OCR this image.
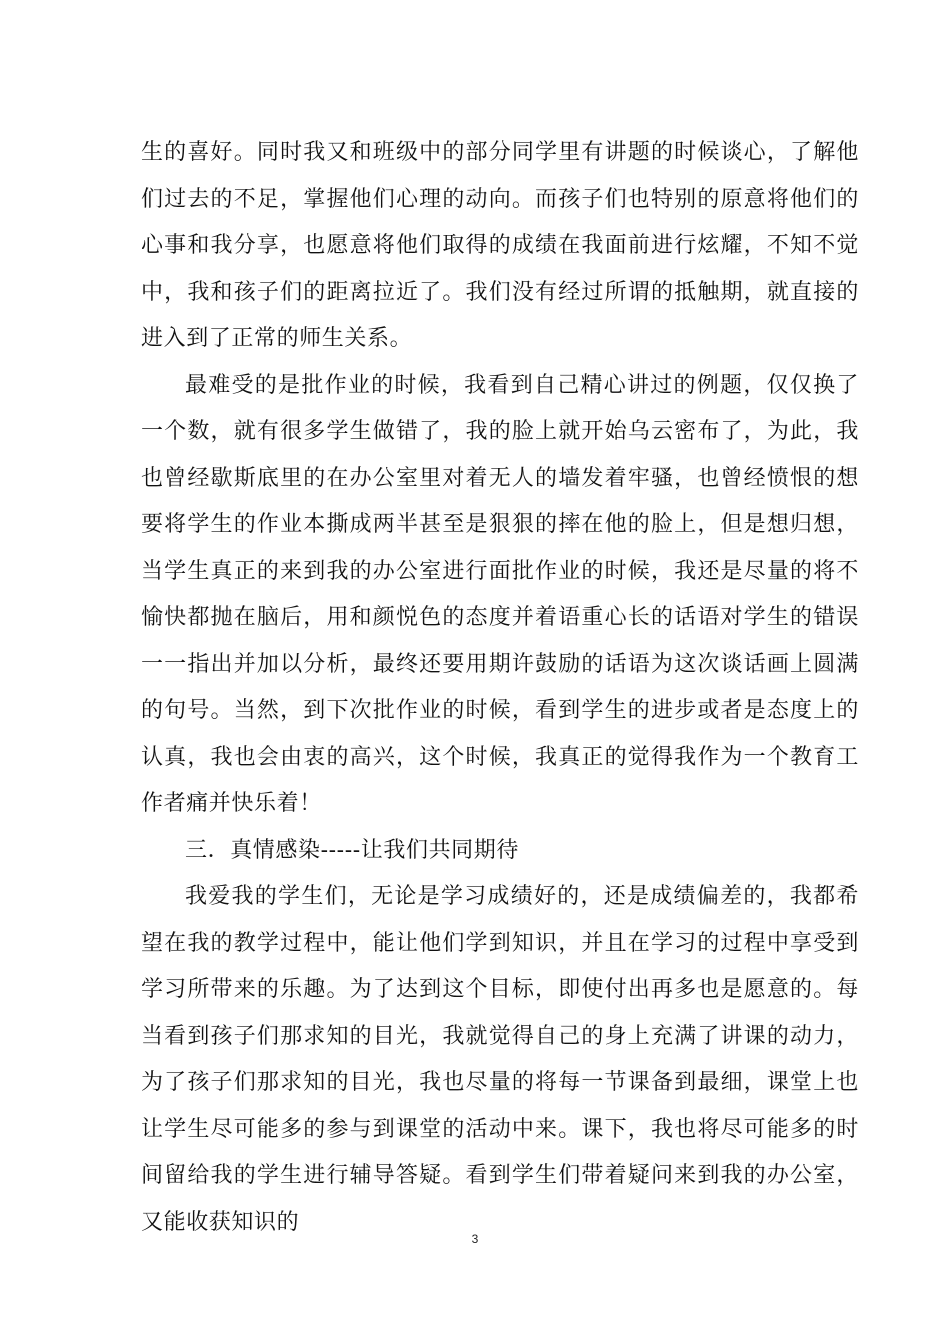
生的喜好。同时我又和班级中的部分同学里有讲题的时候谈心，了解他们过去的不足，掌握他们心理的动向。而孩子们也特别的原意将他们的心事和我分享，也愿意将他们取得的成绩在我面前进行炫耀，不知不觉中，我和孩子们的距离拉近了。我们没有经过所谓的抵触期，就直接的进入到了正常的师生关系。

最难受的是批作业的时候，我看到自己精心讲过的例题，仅仅换了一个数，就有很多学生做错了，我的脸上就开始乌云密布了，为此，我也曾经歇斯底里的在办公室里对着无人的墙发着牢骚，也曾经愤恨的想要将学生的作业本撕成两半甚至是狠狠的摔在他的脸上，但是想归想，当学生真正的来到我的办公室进行面批作业的时候，我还是尽量的将不愉快都抛在脑后，用和颜悦色的态度并着语重心长的话语对学生的错误一一指出并加以分析，最终还要用期许鼓励的话语为这次谈话画上圆满的句号。当然，到下次批作业的时候，看到学生的进步或者是态度上的认真，我也会由衷的高兴，这个时候，我真正的觉得我作为一个教育工作者痛并快乐着！

三．真情感染-----让我们共同期待

我爱我的学生们，无论是学习成绩好的，还是成绩偏差的，我都希望在我的教学过程中，能让他们学到知识，并且在学习的过程中享受到学习所带来的乐趣。为了达到这个目标，即使付出再多也是愿意的。每当看到孩子们那求知的目光，我就觉得自己的身上充满了讲课的动力，为了孩子们那求知的目光，我也尽量的将每一节课备到最细，课堂上也让学生尽可能多的参与到课堂的活动中来。课下，我也将尽可能多的时间留给我的学生进行辅导答疑。看到学生们带着疑问来到我的办公室，又能收获知识的

3
